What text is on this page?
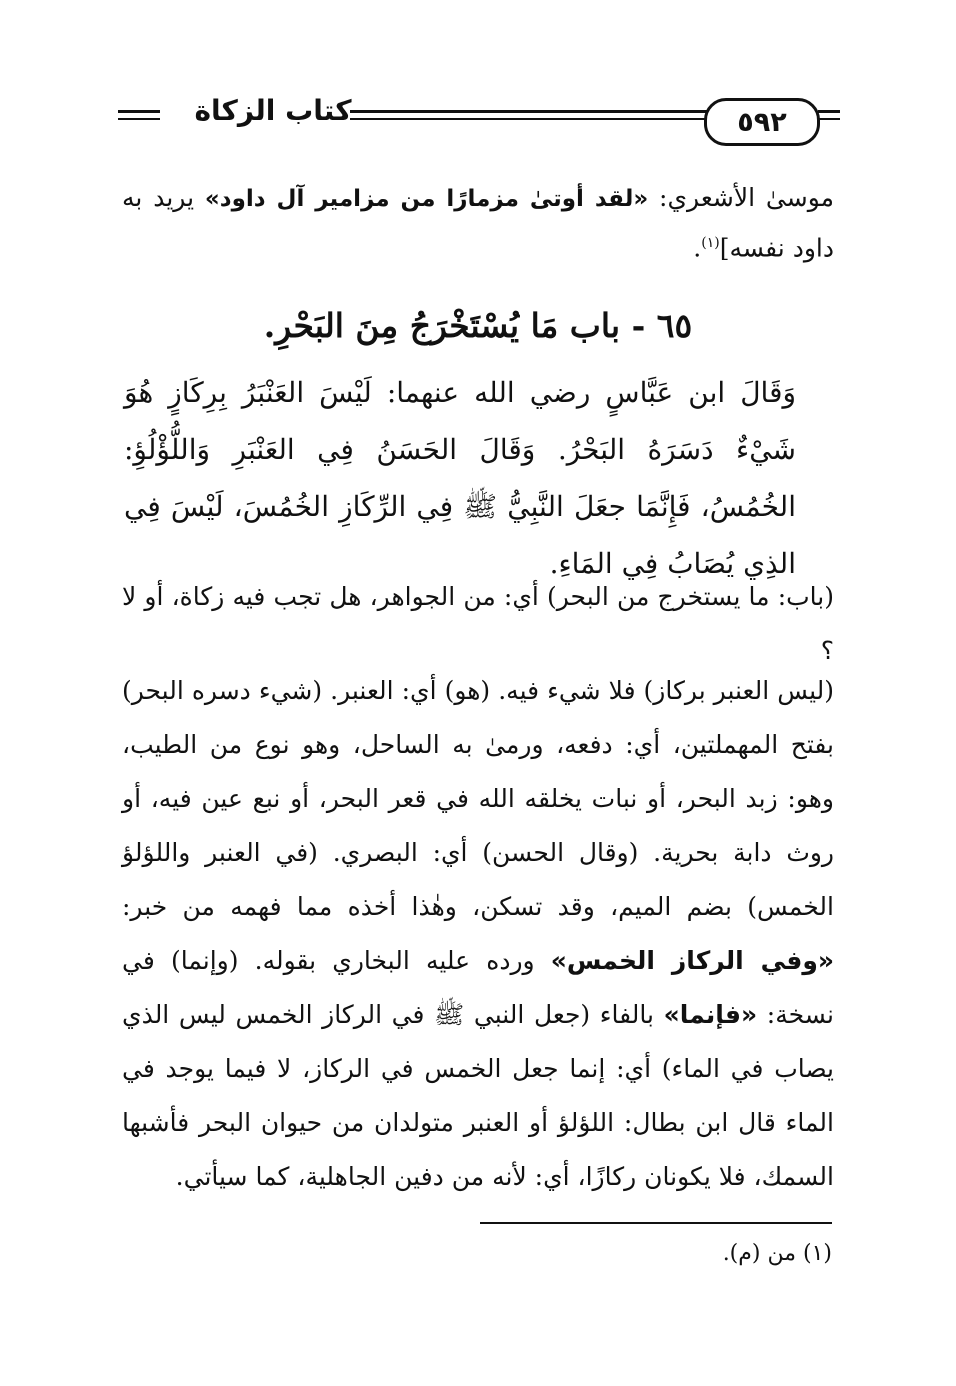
كتاب الزكاة	٥٩٢
موسىٰ الأشعري: «لقد أوتىٰ مزمارًا من مزامير آل داود» يريد به داود نفسه]$^{(١)}$.
٦٥ - باب مَا يُسْتَخْرَجُ مِنَ البَحْرِ.
وَقَالَ ابن عَبَّاسٍ رضي الله عنهما: لَيْسَ العَنْبَرُ بِرِكَازٍ هُوَ شَيْءٌ دَسَرَهُ البَحْرُ. وَقَالَ الحَسَنُ فِي العَنْبَرِ وَاللُّؤْلُؤِ: الخُمُسُ، فَإِنَّمَا جعَلَ النَّبِيُّ ﷺ فِي الرِّكَازِ الخُمُسَ، لَيْسَ فِي الذِي يُصَابُ فِي المَاءِ.
(باب: ما يستخرج من البحر) أي: من الجواهر، هل تجب فيه زكاة، أو لا ؟
(ليس العنبر بركاز) فلا شيء فيه. (هو) أي: العنبر. (شيء دسره البحر) بفتح المهملتين، أي: دفعه، ورمىٰ به الساحل، وهو نوع من الطيب، وهو: زبد البحر، أو نبات يخلقه الله في قعر البحر، أو نبع عين فيه، أو روث دابة بحرية. (وقال الحسن) أي: البصري. (في العنبر واللؤلؤ الخمس) بضم الميم، وقد تسكن، وهٰذا أخذه مما فهمه من خبر: «وفي الركاز الخمس» ورده عليه البخاري بقوله. (وإنما) في نسخة: «فإنما» بالفاء (جعل النبي ﷺ في الركاز الخمس ليس الذي يصاب في الماء) أي: إنما جعل الخمس في الركاز، لا فيما يوجد في الماء قال ابن بطال: اللؤلؤ أو العنبر متولدان من حيوان البحر فأشبها السمك، فلا يكونان ركازًا، أي: لأنه من دفين الجاهلية، كما سيأتي.
(١) من (م).
